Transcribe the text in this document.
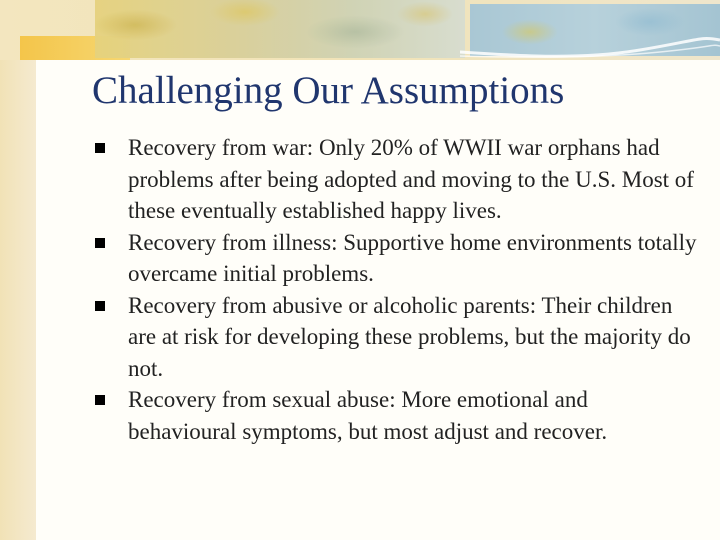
Challenging Our Assumptions
Recovery from war: Only 20% of WWII war orphans had problems after being adopted and moving to the U.S. Most of these eventually established happy lives.
Recovery from illness: Supportive home environments totally overcame initial problems.
Recovery from abusive or alcoholic parents: Their children are at risk for developing these problems, but the majority do not.
Recovery from sexual abuse: More emotional and behavioural symptoms, but most adjust and recover.
